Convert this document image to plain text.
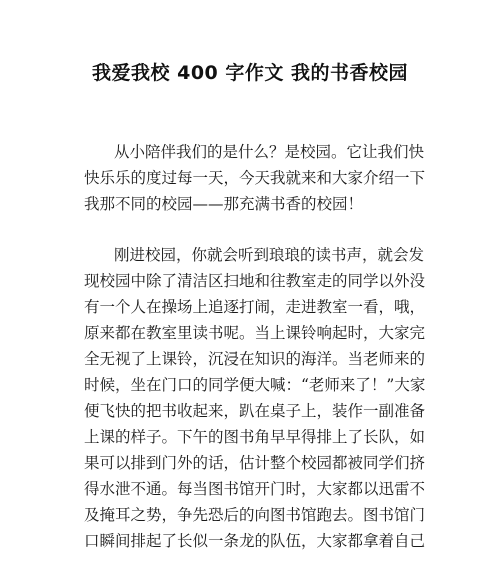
我爱我校 400 字作文 我的书香校园
从小陪伴我们的是什么？是校园。它让我们快
快乐乐的度过每一天，今天我就来和大家介绍一下
我那不同的校园——那充满书香的校园！
刚进校园，你就会听到琅琅的读书声，就会发
现校园中除了清洁区扫地和往教室走的同学以外没
有一个人在操场上追逐打闹，走进教室一看，哦，
原来都在教室里读书呢。当上课铃响起时，大家完
全无视了上课铃，沉浸在知识的海洋。当老师来的
时候，坐在门口的同学便大喊：“老师来了！”大家
便飞快的把书收起来，趴在桌子上，装作一副准备
上课的样子。下午的图书角早早得排上了长队，如
果可以排到门外的话，估计整个校园都被同学们挤
得水泄不通。每当图书馆开门时，大家都以迅雷不
及掩耳之势，争先恐后的向图书馆跑去。图书馆门
口瞬间排起了长似一条龙的队伍，大家都拿着自己
